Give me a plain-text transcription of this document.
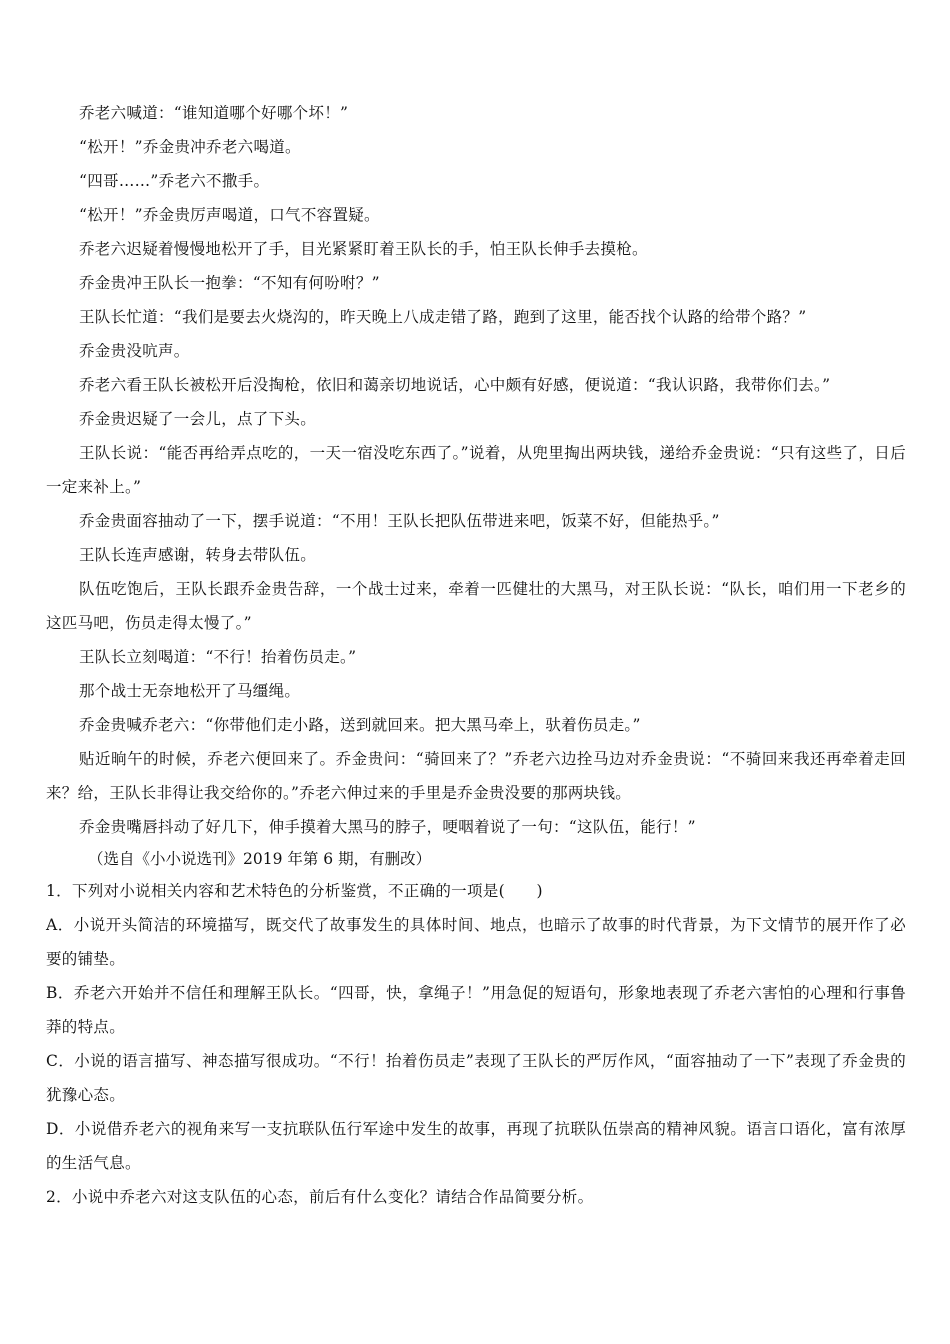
乔老六喊道：“谁知道哪个好哪个坏！”

“松开！”乔金贵冲乔老六喝道。

“四哥……”乔老六不撒手。

“松开！”乔金贵厉声喝道，口气不容置疑。

乔老六迟疑着慢慢地松开了手，目光紧紧盯着王队长的手，怕王队长伸手去摸枪。

乔金贵冲王队长一抱拳：“不知有何吩咐？”

王队长忙道：“我们是要去火烧沟的，昨天晚上八成走错了路，跑到了这里，能否找个认路的给带个路？”

乔金贵没吭声。

乔老六看王队长被松开后没掏枪，依旧和蔼亲切地说话，心中颇有好感，便说道：“我认识路，我带你们去。”

乔金贵迟疑了一会儿，点了下头。

王队长说：“能否再给弄点吃的，一天一宿没吃东西了。”说着，从兜里掏出两块钱，递给乔金贵说：“只有这些了，日后一定来补上。”

乔金贵面容抽动了一下，摆手说道：“不用！王队长把队伍带进来吧，饭菜不好，但能热乎。”

王队长连声感谢，转身去带队伍。

队伍吃饱后，王队长跟乔金贵告辞，一个战士过来，牵着一匹健壮的大黑马，对王队长说：“队长，咱们用一下老乡的这匹马吧，伤员走得太慢了。”

王队长立刻喝道：“不行！抬着伤员走。”

那个战士无奈地松开了马缰绳。

乔金贵喊乔老六：“你带他们走小路，送到就回来。把大黑马牵上，驮着伤员走。”

贴近晌午的时候，乔老六便回来了。乔金贵问：“骑回来了？”乔老六边拴马边对乔金贵说：“不骑回来我还再牵着走回来？给，王队长非得让我交给你的。”乔老六伸过来的手里是乔金贵没要的那两块钱。

乔金贵嘴唇抖动了好几下，伸手摸着大黑马的脖子，哽咽着说了一句：“这队伍，能行！”

（选自《小小说选刊》2019 年第 6 期，有删改）

1．下列对小说相关内容和艺术特色的分析鉴赏，不正确的一项是(　　)

A．小说开头简洁的环境描写，既交代了故事发生的具体时间、地点，也暗示了故事的时代背景，为下文情节的展开作了必要的铺垫。

B．乔老六开始并不信任和理解王队长。“四哥，快，拿绳子！”用急促的短语句，形象地表现了乔老六害怕的心理和行事鲁莽的特点。

C．小说的语言描写、神态描写很成功。“不行！抬着伤员走”表现了王队长的严厉作风，“面容抽动了一下”表现了乔金贵的犹豫心态。

D．小说借乔老六的视角来写一支抗联队伍行军途中发生的故事，再现了抗联队伍崇高的精神风貌。语言口语化，富有浓厚的生活气息。

2．小说中乔老六对这支队伍的心态，前后有什么变化？请结合作品简要分析。
